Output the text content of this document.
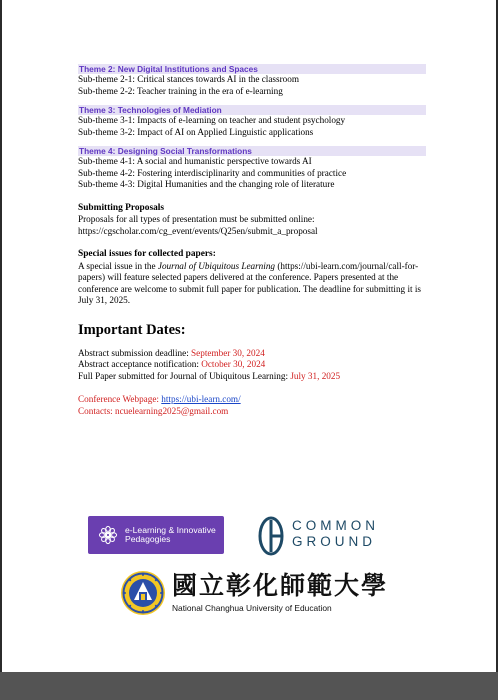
Theme 2: New Digital Institutions and Spaces
Sub-theme 2-1: Critical stances towards AI in the classroom
Sub-theme 2-2: Teacher training in the era of e-learning
Theme 3: Technologies of Mediation
Sub-theme 3-1: Impacts of e-learning on teacher and student psychology
Sub-theme 3-2: Impact of AI on Applied Linguistic applications
Theme 4: Designing Social Transformations
Sub-theme 4-1: A social and humanistic perspective towards AI
Sub-theme 4-2: Fostering interdisciplinarity and communities of practice
Sub-theme 4-3: Digital Humanities and the changing role of literature
Submitting Proposals
Proposals for all types of presentation must be submitted online:
https://cgscholar.com/cg_event/events/Q25en/submit_a_proposal
Special issues for collected papers:
A special issue in the Journal of Ubiquitous Learning (https://ubi-learn.com/journal/call-for-papers) will feature selected papers delivered at the conference. Papers presented at the conference are welcome to submit full paper for publication. The deadline for submitting it is July 31, 2025.
Important Dates:
Abstract submission deadline: September 30, 2024
Abstract acceptance notification: October 30, 2024
Full Paper submitted for Journal of Ubiquitous Learning: July 31, 2025
Conference Webpage: https://ubi-learn.com/
Contacts: ncuelearning2025@gmail.com
e-Learning & Innovative
Pedagogies
COMMON
GROUND
國立彰化師範大學
National Changhua University of Education
